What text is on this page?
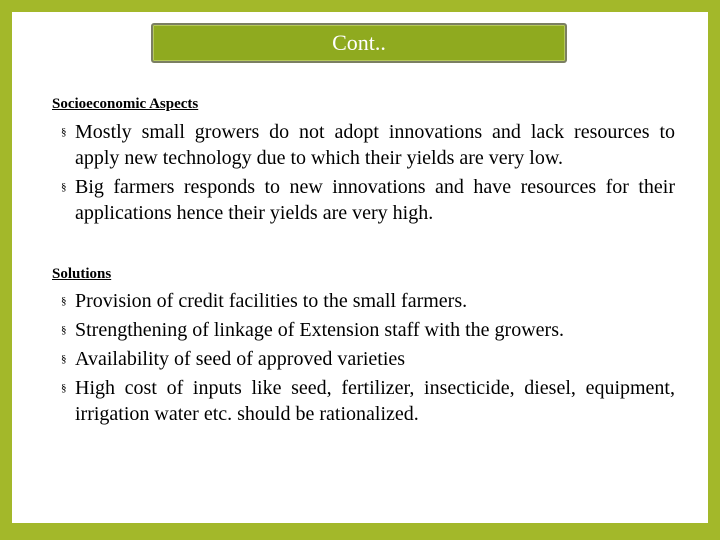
Cont..
Socioeconomic Aspects
§ Mostly small growers do not adopt innovations and lack resources to apply new technology due to which their yields are very low.
§ Big farmers responds to new innovations and have resources for their applications hence their yields are very high.
Solutions
§ Provision of credit facilities to the small farmers.
§ Strengthening of linkage of Extension staff with the growers.
§ Availability of seed of approved varieties
§ High cost of inputs like seed, fertilizer, insecticide, diesel, equipment, irrigation water etc. should be rationalized.
